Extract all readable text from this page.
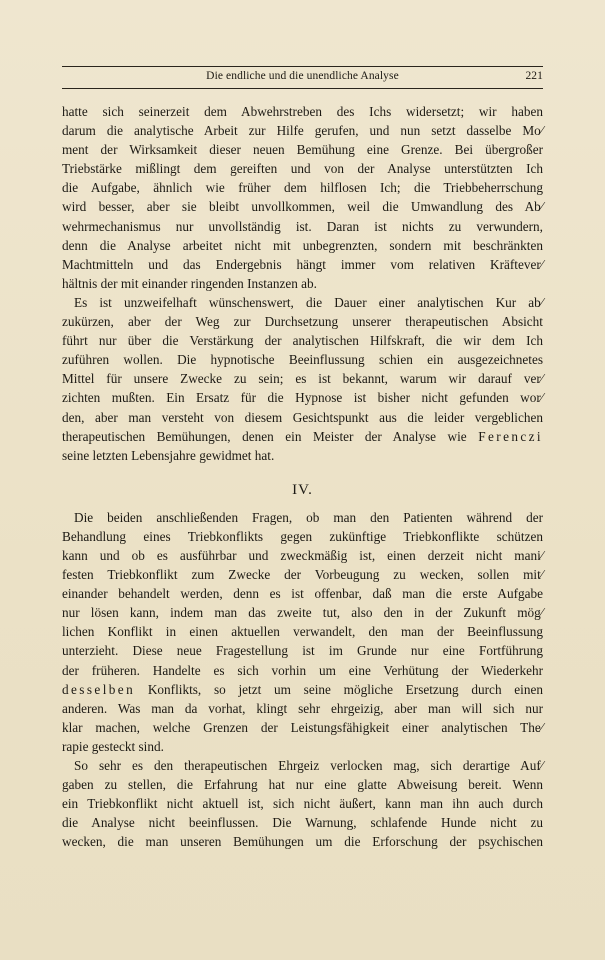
Die endliche und die unendliche Analyse	221

hatte sich seinerzeit dem Abwehrstreben des Ichs widersetzt; wir haben
darum die analytische Arbeit zur Hilfe gerufen, und nun setzt dasselbe Mo⁄
ment der Wirksamkeit dieser neuen Bemühung eine Grenze. Bei übergroßer
Triebstärke mißlingt dem gereiften und von der Analyse unterstützten Ich
die Aufgabe, ähnlich wie früher dem hilflosen Ich; die Triebbeherrschung
wird besser, aber sie bleibt unvollkommen, weil die Umwandlung des Ab⁄
wehrmechanismus nur unvollständig ist. Daran ist nichts zu verwundern,
denn die Analyse arbeitet nicht mit unbegrenzten, sondern mit beschränkten
Machtmitteln und das Endergebnis hängt immer vom relativen Kräftever⁄
hältnis der mit einander ringenden Instanzen ab.

Es ist unzweifelhaft wünschenswert, die Dauer einer analytischen Kur ab⁄
zukürzen, aber der Weg zur Durchsetzung unserer therapeutischen Absicht
führt nur über die Verstärkung der analytischen Hilfskraft, die wir dem Ich
zuführen wollen. Die hypnotische Beeinflussung schien ein ausgezeichnetes
Mittel für unsere Zwecke zu sein; es ist bekannt, warum wir darauf ver⁄
zichten mußten. Ein Ersatz für die Hypnose ist bisher nicht gefunden wor⁄
den, aber man versteht von diesem Gesichtspunkt aus die leider vergeblichen
therapeutischen Bemühungen, denen ein Meister der Analyse wie Ferenczi
seine letzten Lebensjahre gewidmet hat.

IV.

Die beiden anschließenden Fragen, ob man den Patienten während der
Behandlung eines Triebkonflikts gegen zukünftige Triebkonflikte schützen
kann und ob es ausführbar und zweckmäßig ist, einen derzeit nicht mani⁄
festen Triebkonflikt zum Zwecke der Vorbeugung zu wecken, sollen mit⁄
einander behandelt werden, denn es ist offenbar, daß man die erste Aufgabe
nur lösen kann, indem man das zweite tut, also den in der Zukunft mög⁄
lichen Konflikt in einen aktuellen verwandelt, den man der Beeinflussung
unterzieht. Diese neue Fragestellung ist im Grunde nur eine Fortführung
der früheren. Handelte es sich vorhin um eine Verhütung der Wiederkehr
desselben Konflikts, so jetzt um seine mögliche Ersetzung durch einen
anderen. Was man da vorhat, klingt sehr ehrgeizig, aber man will sich nur
klar machen, welche Grenzen der Leistungsfähigkeit einer analytischen The⁄
rapie gesteckt sind.

So sehr es den therapeutischen Ehrgeiz verlocken mag, sich derartige Auf⁄
gaben zu stellen, die Erfahrung hat nur eine glatte Abweisung bereit. Wenn
ein Triebkonflikt nicht aktuell ist, sich nicht äußert, kann man ihn auch durch
die Analyse nicht beeinflussen. Die Warnung, schlafende Hunde nicht zu
wecken, die man unseren Bemühungen um die Erforschung der psychischen
